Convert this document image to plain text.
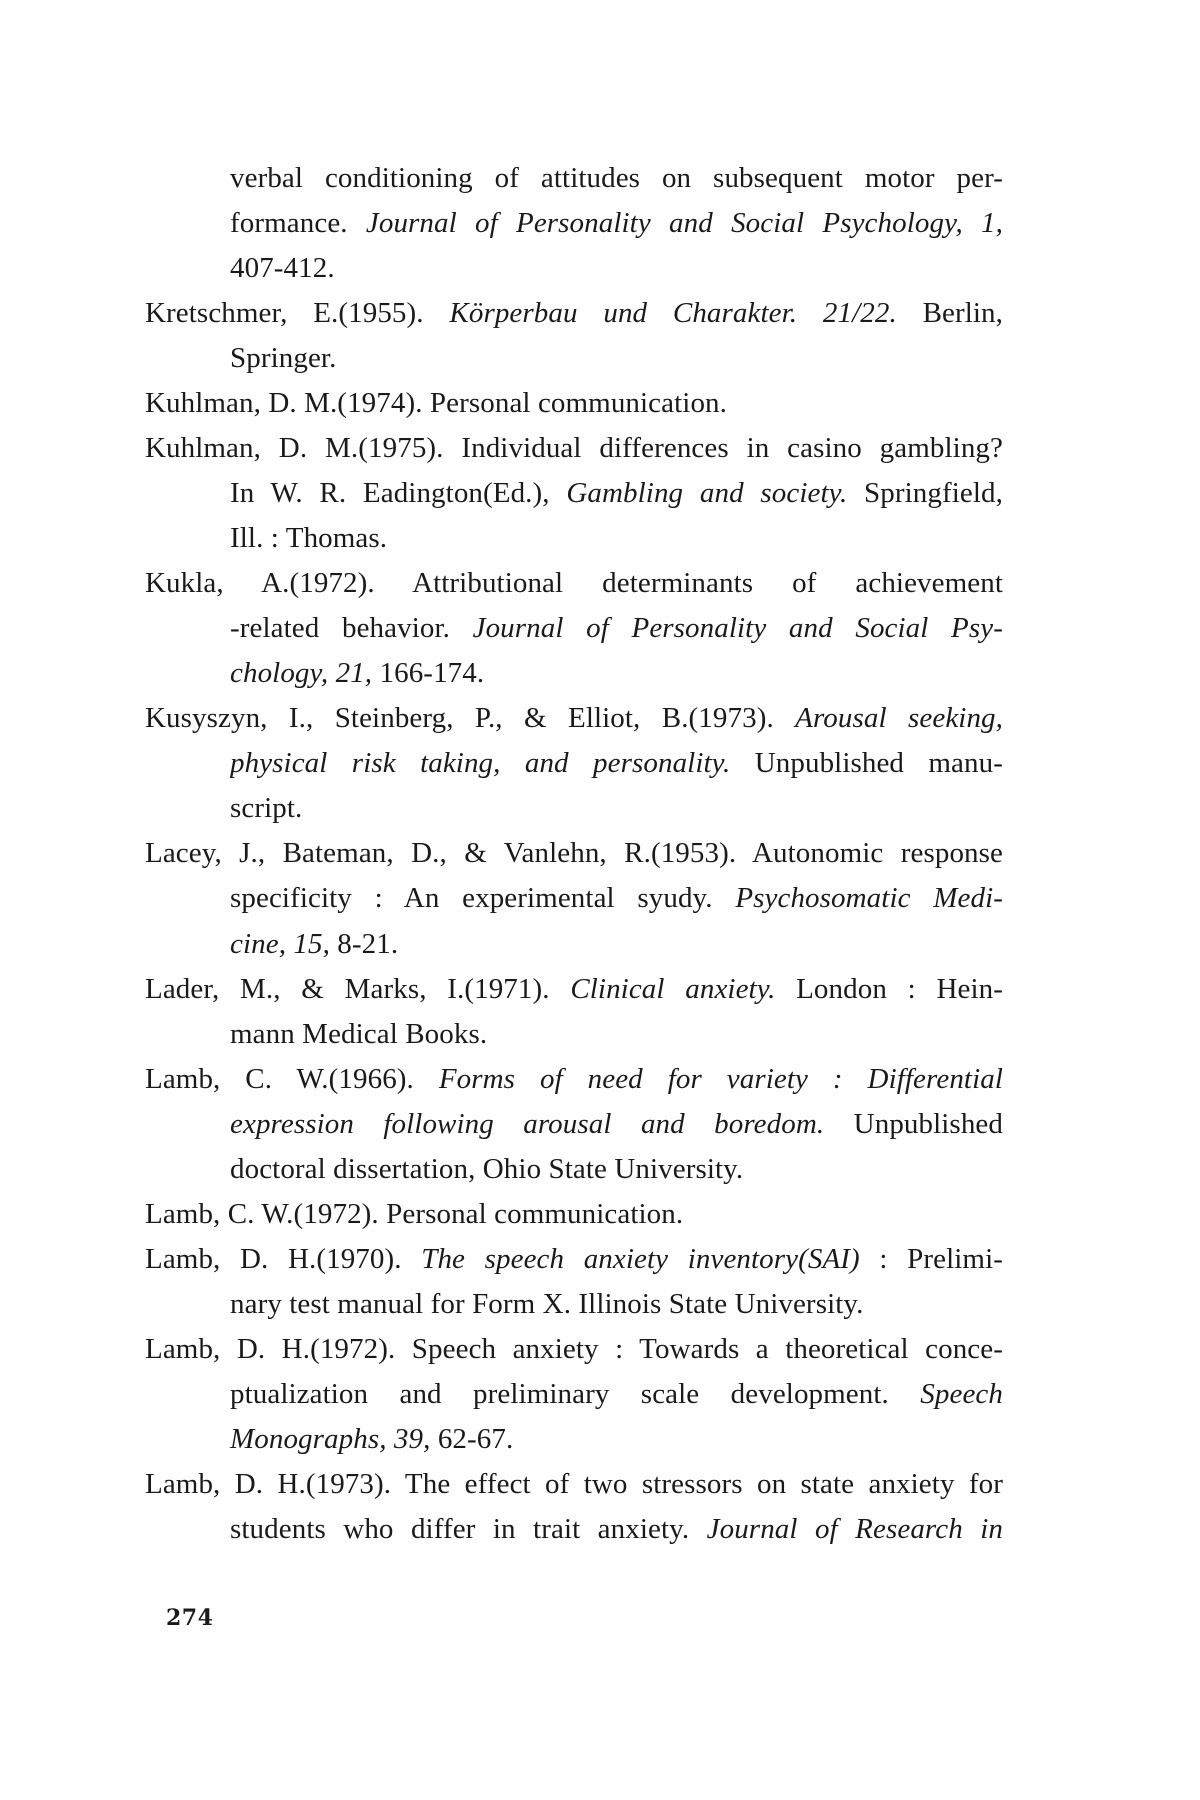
verbal conditioning of attitudes on subsequent motor per-
formance. Journal of Personality and Social Psychology, 1,
407-412.
Kretschmer, E.(1955). Körperbau und Charakter. 21/22. Berlin,
Springer.
Kuhlman, D. M.(1974). Personal communication.
Kuhlman, D. M.(1975). Individual differences in casino gambling?
In W. R. Eadington(Ed.), Gambling and society. Springfield,
Ill. : Thomas.
Kukla, A.(1972). Attributional determinants of achievement
-related behavior. Journal of Personality and Social Psy-
chology, 21, 166-174.
Kusyszyn, I., Steinberg, P., & Elliot, B.(1973). Arousal seeking,
physical risk taking, and personality. Unpublished manu-
script.
Lacey, J., Bateman, D., & Vanlehn, R.(1953). Autonomic response
specificity : An experimental syudy. Psychosomatic Medi-
cine, 15, 8-21.
Lader, M., & Marks, I.(1971). Clinical anxiety. London : Hein-
mann Medical Books.
Lamb, C. W.(1966). Forms of need for variety : Differential
expression following arousal and boredom. Unpublished
doctoral dissertation, Ohio State University.
Lamb, C. W.(1972). Personal communication.
Lamb, D. H.(1970). The speech anxiety inventory(SAI) : Prelimi-
nary test manual for Form X. Illinois State University.
Lamb, D. H.(1972). Speech anxiety : Towards a theoretical conce-
ptualization and preliminary scale development. Speech
Monographs, 39, 62-67.
Lamb, D. H.(1973). The effect of two stressors on state anxiety for
students who differ in trait anxiety. Journal of Research in
274
